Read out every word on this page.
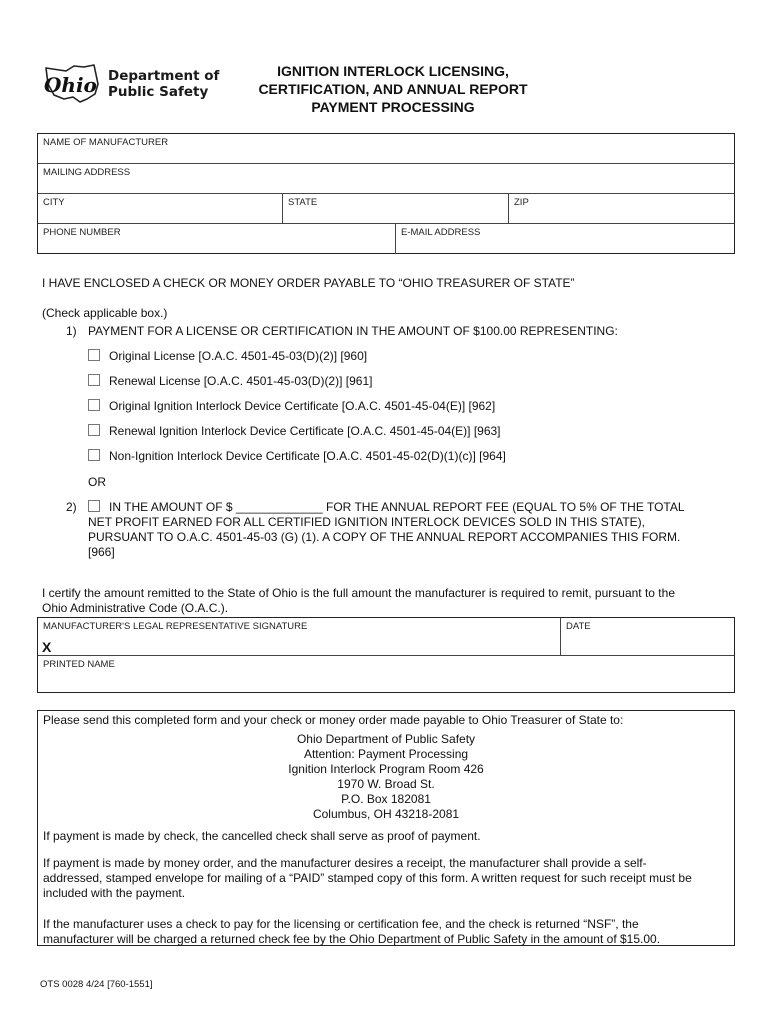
Ohio Department of
Public Safety
IGNITION INTERLOCK LICENSING,
CERTIFICATION, AND ANNUAL REPORT
PAYMENT PROCESSING
NAME OF MANUFACTURER
MAILING ADDRESS
CITY	STATE	ZIP
PHONE NUMBER	E-MAIL ADDRESS
I HAVE ENCLOSED A CHECK OR MONEY ORDER PAYABLE TO “OHIO TREASURER OF STATE”
(Check applicable box.)
1) PAYMENT FOR A LICENSE OR CERTIFICATION IN THE AMOUNT OF $100.00 REPRESENTING:
Original License [O.A.C. 4501-45-03(D)(2)] [960]
Renewal License [O.A.C. 4501-45-03(D)(2)] [961]
Original Ignition Interlock Device Certificate [O.A.C. 4501-45-04(E)] [962]
Renewal Ignition Interlock Device Certificate [O.A.C. 4501-45-04(E)] [963]
Non-Ignition Interlock Device Certificate [O.A.C. 4501-45-02(D)(1)(c)] [964]
OR
2)	IN THE AMOUNT OF $ _____________ FOR THE ANNUAL REPORT FEE (EQUAL TO 5% OF THE TOTAL
NET PROFIT EARNED FOR ALL CERTIFIED IGNITION INTERLOCK DEVICES SOLD IN THIS STATE),
PURSUANT TO O.A.C. 4501-45-03 (G) (1). A COPY OF THE ANNUAL REPORT ACCOMPANIES THIS FORM.
[966]
I certify the amount remitted to the State of Ohio is the full amount the manufacturer is required to remit, pursuant to the
Ohio Administrative Code (O.A.C.).
MANUFACTURER'S LEGAL REPRESENTATIVE SIGNATURE
X
DATE
PRINTED NAME
Please send this completed form and your check or money order made payable to Ohio Treasurer of State to:
Ohio Department of Public Safety
Attention: Payment Processing
Ignition Interlock Program Room 426
1970 W. Broad St.
P.O. Box 182081
Columbus, OH 43218-2081
If payment is made by check, the cancelled check shall serve as proof of payment.
If payment is made by money order, and the manufacturer desires a receipt, the manufacturer shall provide a self-
addressed, stamped envelope for mailing of a “PAID” stamped copy of this form. A written request for such receipt must be
included with the payment.
If the manufacturer uses a check to pay for the licensing or certification fee, and the check is returned “NSF”, the
manufacturer will be charged a returned check fee by the Ohio Department of Public Safety in the amount of $15.00.
OTS 0028 4/24 [760-1551]
